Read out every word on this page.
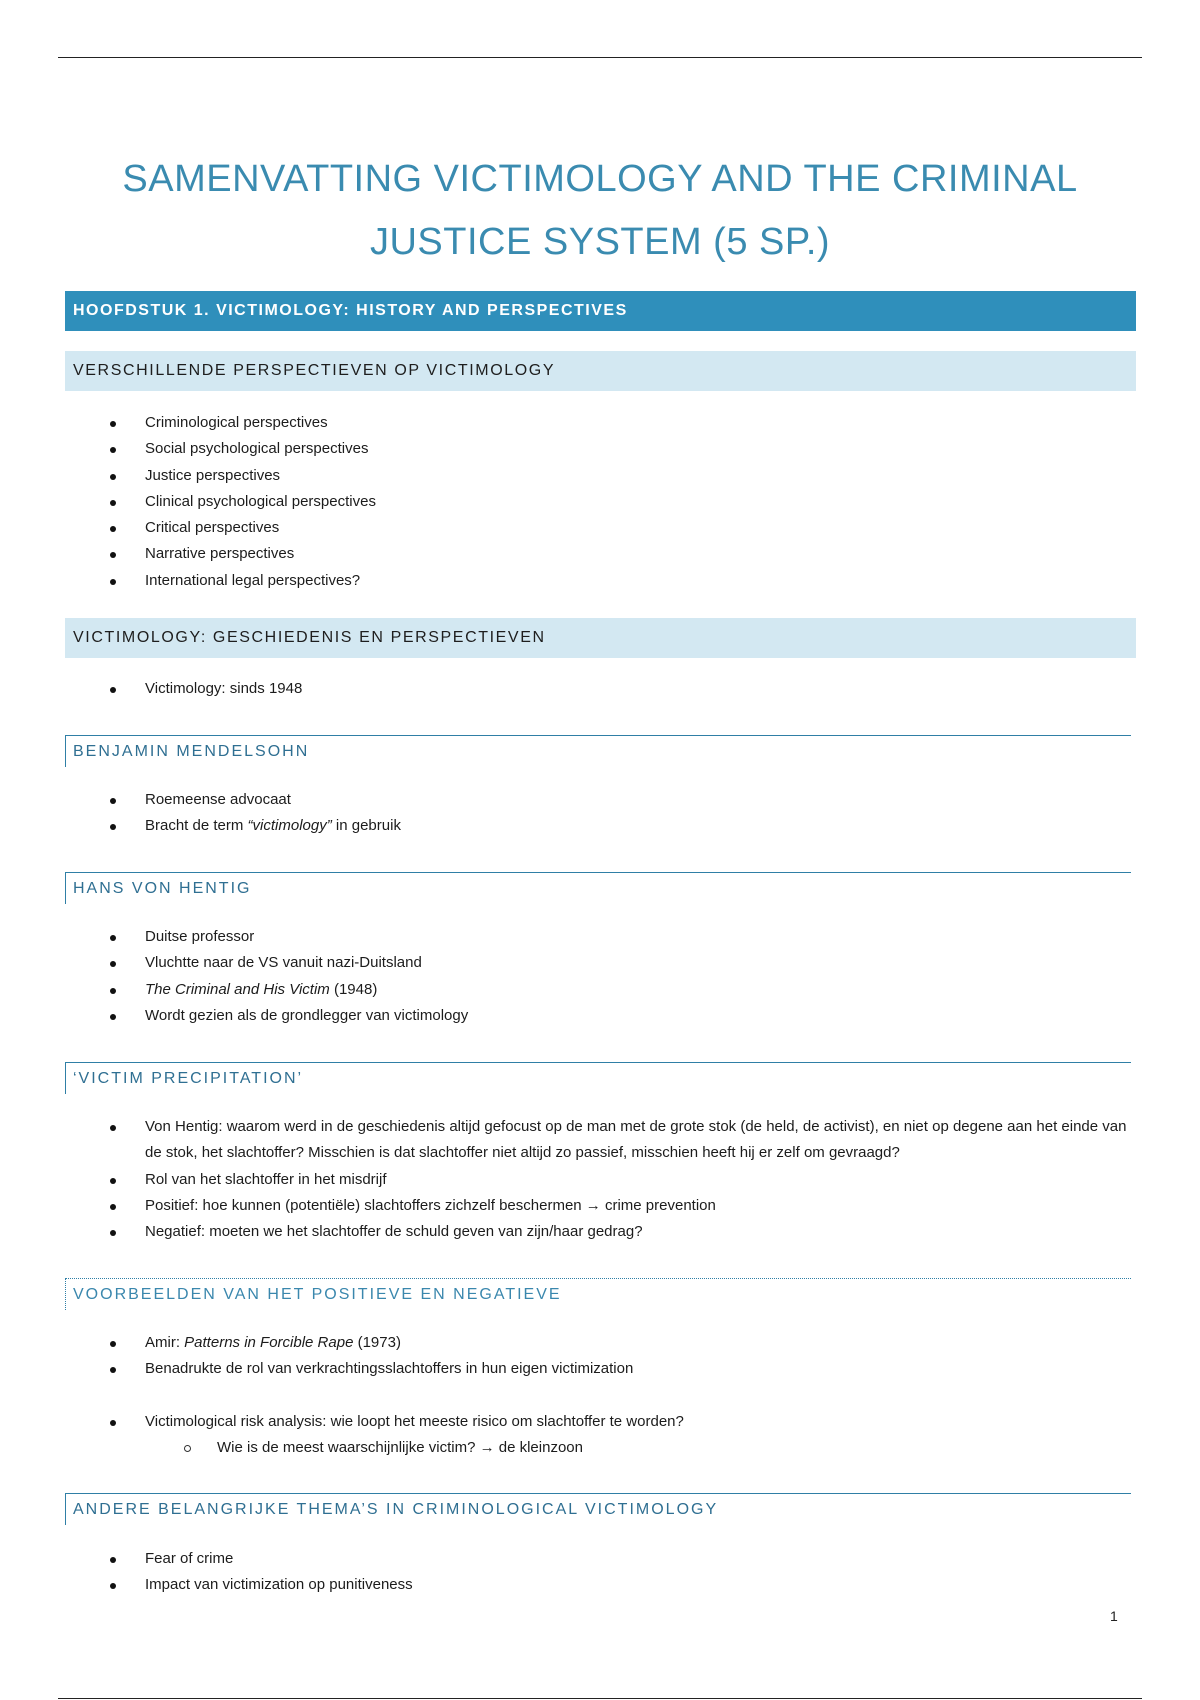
SAMENVATTING VICTIMOLOGY AND THE CRIMINAL
JUSTICE SYSTEM (5 SP.)
HOOFDSTUK 1. VICTIMOLOGY: HISTORY AND PERSPECTIVES
VERSCHILLENDE PERSPECTIEVEN OP VICTIMOLOGY
Criminological perspectives
Social psychological perspectives
Justice perspectives
Clinical psychological perspectives
Critical perspectives
Narrative perspectives
International legal perspectives?
VICTIMOLOGY: GESCHIEDENIS EN PERSPECTIEVEN
Victimology: sinds 1948
BENJAMIN MENDELSOHN
Roemeense advocaat
Bracht de term “victimology” in gebruik
HANS VON HENTIG
Duitse professor
Vluchtte naar de VS vanuit nazi-Duitsland
The Criminal and His Victim (1948)
Wordt gezien als de grondlegger van victimology
‘VICTIM PRECIPITATION’
Von Hentig: waarom werd in de geschiedenis altijd gefocust op de man met de grote stok (de held, de activist), en niet op degene aan het einde van de stok, het slachtoffer? Misschien is dat slachtoffer niet altijd zo passief, misschien heeft hij er zelf om gevraagd?
Rol van het slachtoffer in het misdrijf
Positief: hoe kunnen (potentiële) slachtoffers zichzelf beschermen → crime prevention
Negatief: moeten we het slachtoffer de schuld geven van zijn/haar gedrag?
VOORBEELDEN VAN HET POSITIEVE EN NEGATIEVE
Amir: Patterns in Forcible Rape (1973)
Benadrukte de rol van verkrachtingsslachtoffers in hun eigen victimization
Victimological risk analysis: wie loopt het meeste risico om slachtoffer te worden?
Wie is de meest waarschijnlijke victim? → de kleinzoon
ANDERE BELANGRIJKE THEMA’S IN CRIMINOLOGICAL VICTIMOLOGY
Fear of crime
Impact van victimization op punitiveness
1
